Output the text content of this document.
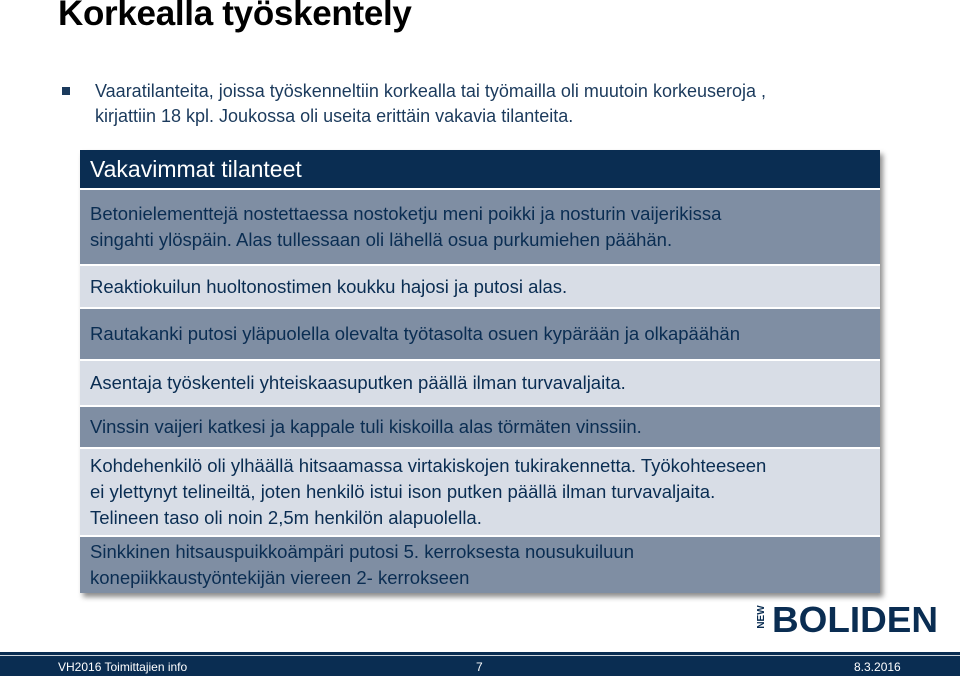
Korkealla työskentely
Vaaratilanteita, joissa työskenneltiin korkealla tai työmailla oli muutoin korkeuseroja ,
kirjattiin 18 kpl. Joukossa oli useita erittäin vakavia tilanteita.
Vakavimmat tilanteet
Betonielementtejä nostettaessa nostoketju meni poikki ja nosturin vaijerikissa
singahti ylöspäin. Alas tullessaan oli lähellä osua purkumiehen päähän.
Reaktiokuilun huoltonostimen koukku hajosi ja putosi alas.
Rautakanki putosi yläpuolella olevalta työtasolta osuen kypärään ja olkapäähän
Asentaja työskenteli yhteiskaasuputken päällä ilman turvavaljaita.
Vinssin vaijeri katkesi ja kappale tuli kiskoilla alas törmäten vinssiin.
Kohdehenkilö oli ylhäällä hitsaamassa virtakiskojen tukirakennetta. Työkohteeseen
ei ylettynyt telineiltä, joten henkilö istui ison putken päällä ilman turvavaljaita.
Telineen taso oli noin 2,5m henkilön alapuolella.
Sinkkinen hitsauspuikkoämpäri putosi 5. kerroksesta nousukuiluun
konepiikkaustyöntekijän viereen 2- kerrokseen
NEW BOLIDEN
VH2016 Toimittajien info	7	8.3.2016
